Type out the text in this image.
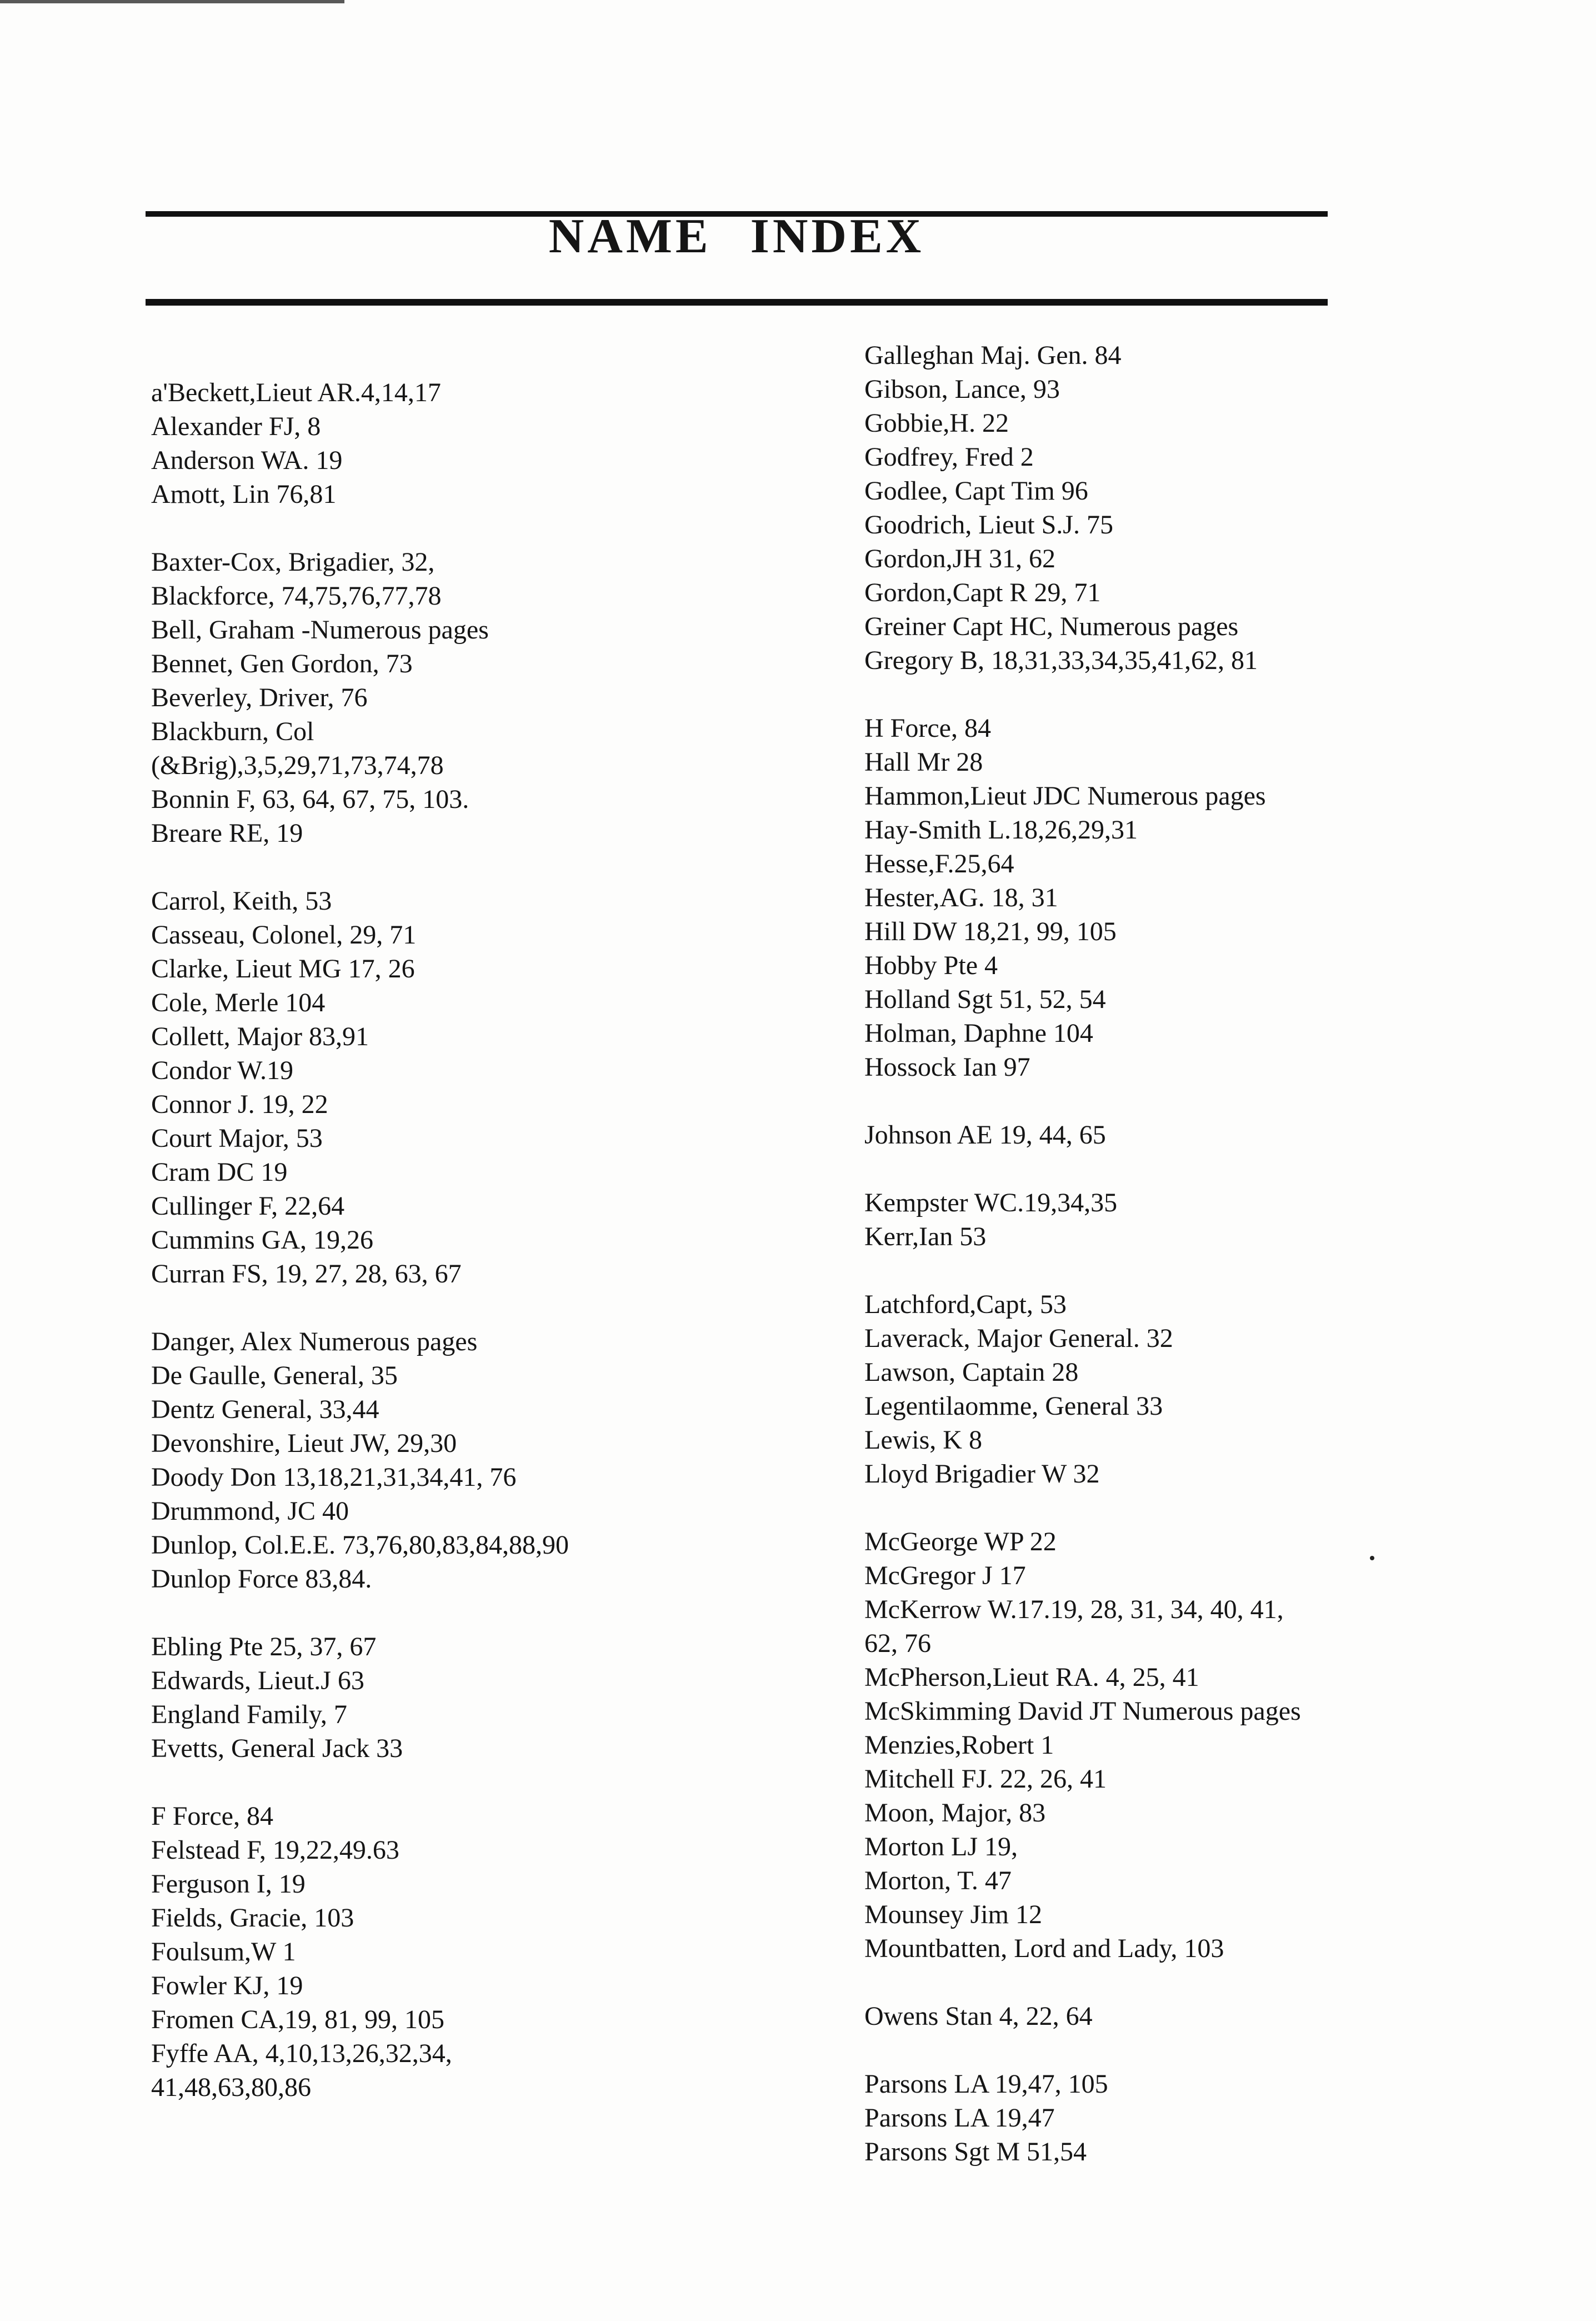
NAME INDEX
a'Beckett,Lieut AR.4,14,17
Alexander FJ, 8
Anderson WA. 19
Amott, Lin 76,81
Baxter-Cox, Brigadier, 32,
Blackforce, 74,75,76,77,78
Bell, Graham -Numerous pages
Bennet, Gen Gordon, 73
Beverley, Driver, 76
Blackburn, Col
(&Brig),3,5,29,71,73,74,78
Bonnin F, 63, 64, 67, 75, 103.
Breare RE, 19
Carrol, Keith, 53
Casseau, Colonel, 29, 71
Clarke, Lieut MG 17, 26
Cole, Merle 104
Collett, Major 83,91
Condor W.19
Connor J. 19, 22
Court Major, 53
Cram DC 19
Cullinger F, 22,64
Cummins GA, 19,26
Curran FS, 19, 27, 28, 63, 67
Danger, Alex Numerous pages
De Gaulle, General, 35
Dentz General, 33,44
Devonshire, Lieut JW, 29,30
Doody Don 13,18,21,31,34,41, 76
Drummond, JC 40
Dunlop, Col.E.E. 73,76,80,83,84,88,90
Dunlop Force 83,84.
Ebling Pte 25, 37, 67
Edwards, Lieut.J 63
England Family, 7
Evetts, General Jack 33
F Force, 84
Felstead F, 19,22,49.63
Ferguson I, 19
Fields, Gracie, 103
Foulsum,W 1
Fowler KJ, 19
Fromen CA,19, 81, 99, 105
Fyffe AA, 4,10,13,26,32,34,
41,48,63,80,86
Galleghan Maj. Gen. 84
Gibson, Lance, 93
Gobbie,H. 22
Godfrey, Fred 2
Godlee, Capt Tim 96
Goodrich, Lieut S.J. 75
Gordon,JH 31, 62
Gordon,Capt R 29, 71
Greiner Capt HC, Numerous pages
Gregory B, 18,31,33,34,35,41,62, 81
H Force, 84
Hall Mr 28
Hammon,Lieut JDC Numerous pages
Hay-Smith L.18,26,29,31
Hesse,F.25,64
Hester,AG. 18, 31
Hill DW 18,21, 99, 105
Hobby Pte 4
Holland Sgt 51, 52, 54
Holman, Daphne 104
Hossock Ian 97
Johnson AE 19, 44, 65
Kempster WC.19,34,35
Kerr,Ian 53
Latchford,Capt, 53
Laverack, Major General. 32
Lawson, Captain 28
Legentilaomme, General 33
Lewis, K 8
Lloyd Brigadier W 32
McGeorge WP 22
McGregor J 17
McKerrow W.17.19, 28, 31, 34, 40, 41,
62, 76
McPherson,Lieut RA. 4, 25, 41
McSkimming David JT Numerous pages
Menzies,Robert 1
Mitchell FJ. 22, 26, 41
Moon, Major, 83
Morton LJ 19,
Morton, T. 47
Mounsey Jim 12
Mountbatten, Lord and Lady, 103
Owens Stan 4, 22, 64
Parsons LA 19,47, 105
Parsons LA 19,47
Parsons Sgt M 51,54
